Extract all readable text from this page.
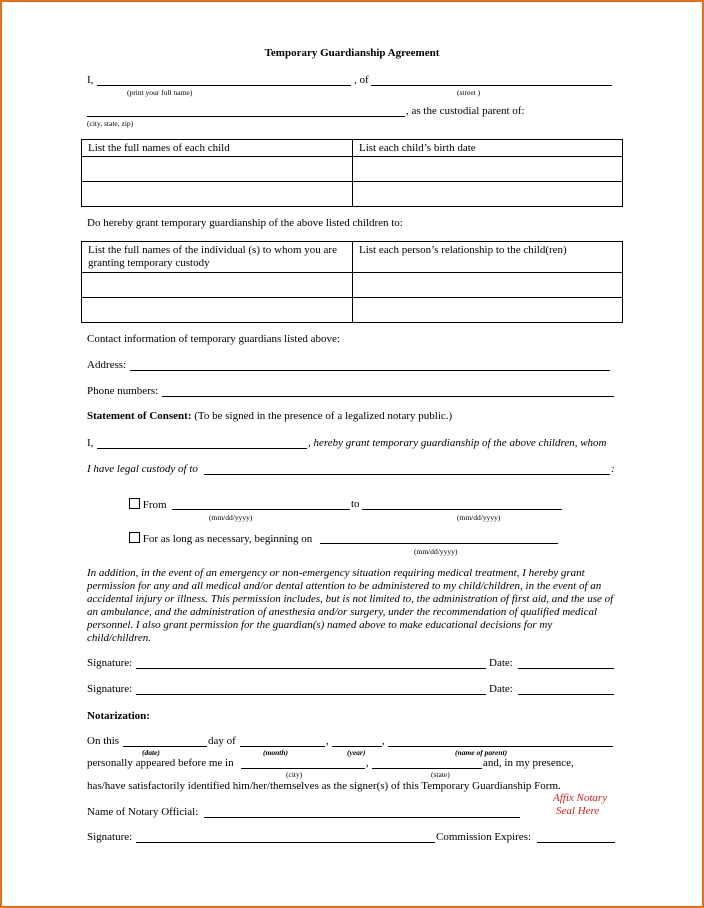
Temporary Guardianship Agreement
I,	, of
(print your full name)	(street )
, as the custodial parent of:
(city, state, zip)
List the full names of each child	List each child’s birth date

Do hereby grant temporary guardianship of the above listed children to:
List the full names of the individual (s) to whom you are
granting temporary custody	List each person’s relationship to the child(ren)

Contact information of temporary guardians listed above:
Address:
Phone numbers:
Statement of Consent: (To be signed in the presence of a legalized notary public.)
I,	, hereby grant temporary guardianship of the above children, whom
I have legal custody of to	:
From	to
(mm/dd/yyyy)	(mm/dd/yyyy)
For as long as necessary, beginning on
(mm/dd/yyyy)
In addition, in the event of an emergency or non-emergency situation requiring medical treatment, I hereby grant permission for any and all medical and/or dental attention to be administered to my child/children, in the event of an accidental injury or illness. This permission includes, but is not limited to, the administration of first aid, and the use of an ambulance, and the administration of anesthesia and/or surgery, under the recommendation of qualified medical personnel. I also grant permission for the guardian(s) named above to make educational decisions for my child/children.
Signature:	Date:
Signature:	Date:
Notarization:
On this	day of	,	,
(date)	(month)	(year)	(name of parent)
personally appeared before me in	,	and, in my presence,
(city)	(state)
has/have satisfactorily identified him/her/themselves as the signer(s) of this Temporary Guardianship Form.
Affix Notary
Seal Here
Name of Notary Official:
Signature:	Commission Expires:
